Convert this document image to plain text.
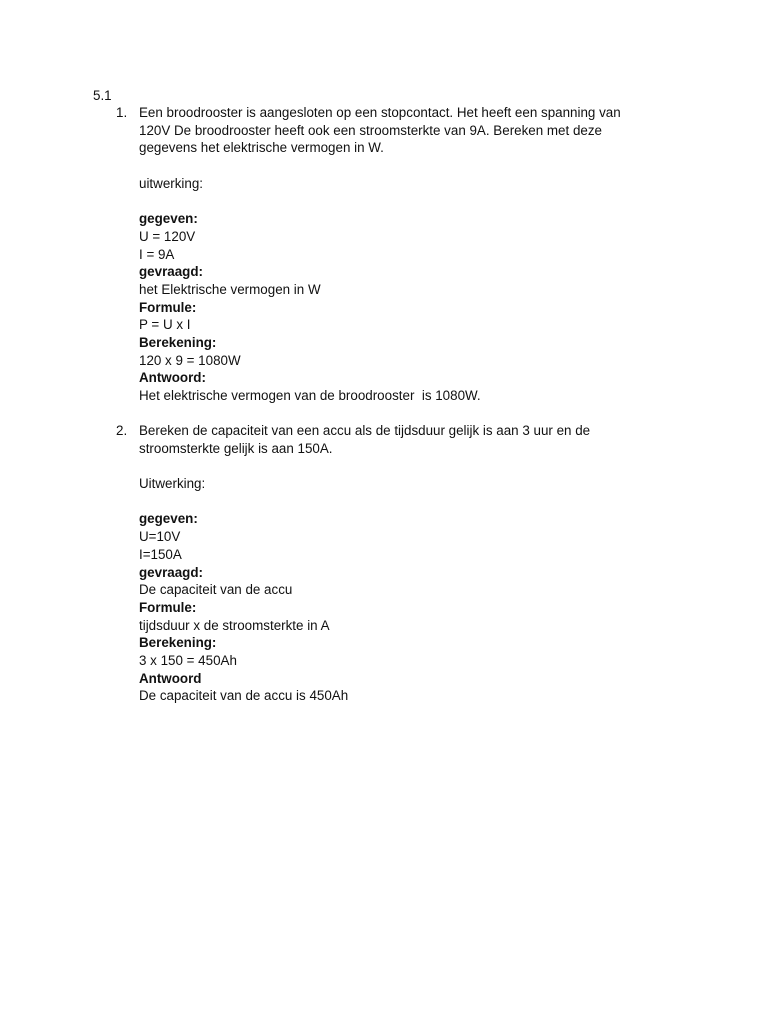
5.1
1. Een broodrooster is aangesloten op een stopcontact. Het heeft een spanning van
120V De broodrooster heeft ook een stroomsterkte van 9A. Bereken met deze
gegevens het elektrische vermogen in W.
uitwerking:
gegeven:
U = 120V
I = 9A
gevraagd:
het Elektrische vermogen in W
Formule:
P = U x I
Berekening:
120 x 9 = 1080W
Antwoord:
Het elektrische vermogen van de broodrooster  is 1080W.
2. Bereken de capaciteit van een accu als de tijdsduur gelijk is aan 3 uur en de
stroomsterkte gelijk is aan 150A.
Uitwerking:
gegeven:
U=10V
I=150A
gevraagd:
De capaciteit van de accu
Formule:
tijdsduur x de stroomsterkte in A
Berekening:
3 x 150 = 450Ah
Antwoord
De capaciteit van de accu is 450Ah
